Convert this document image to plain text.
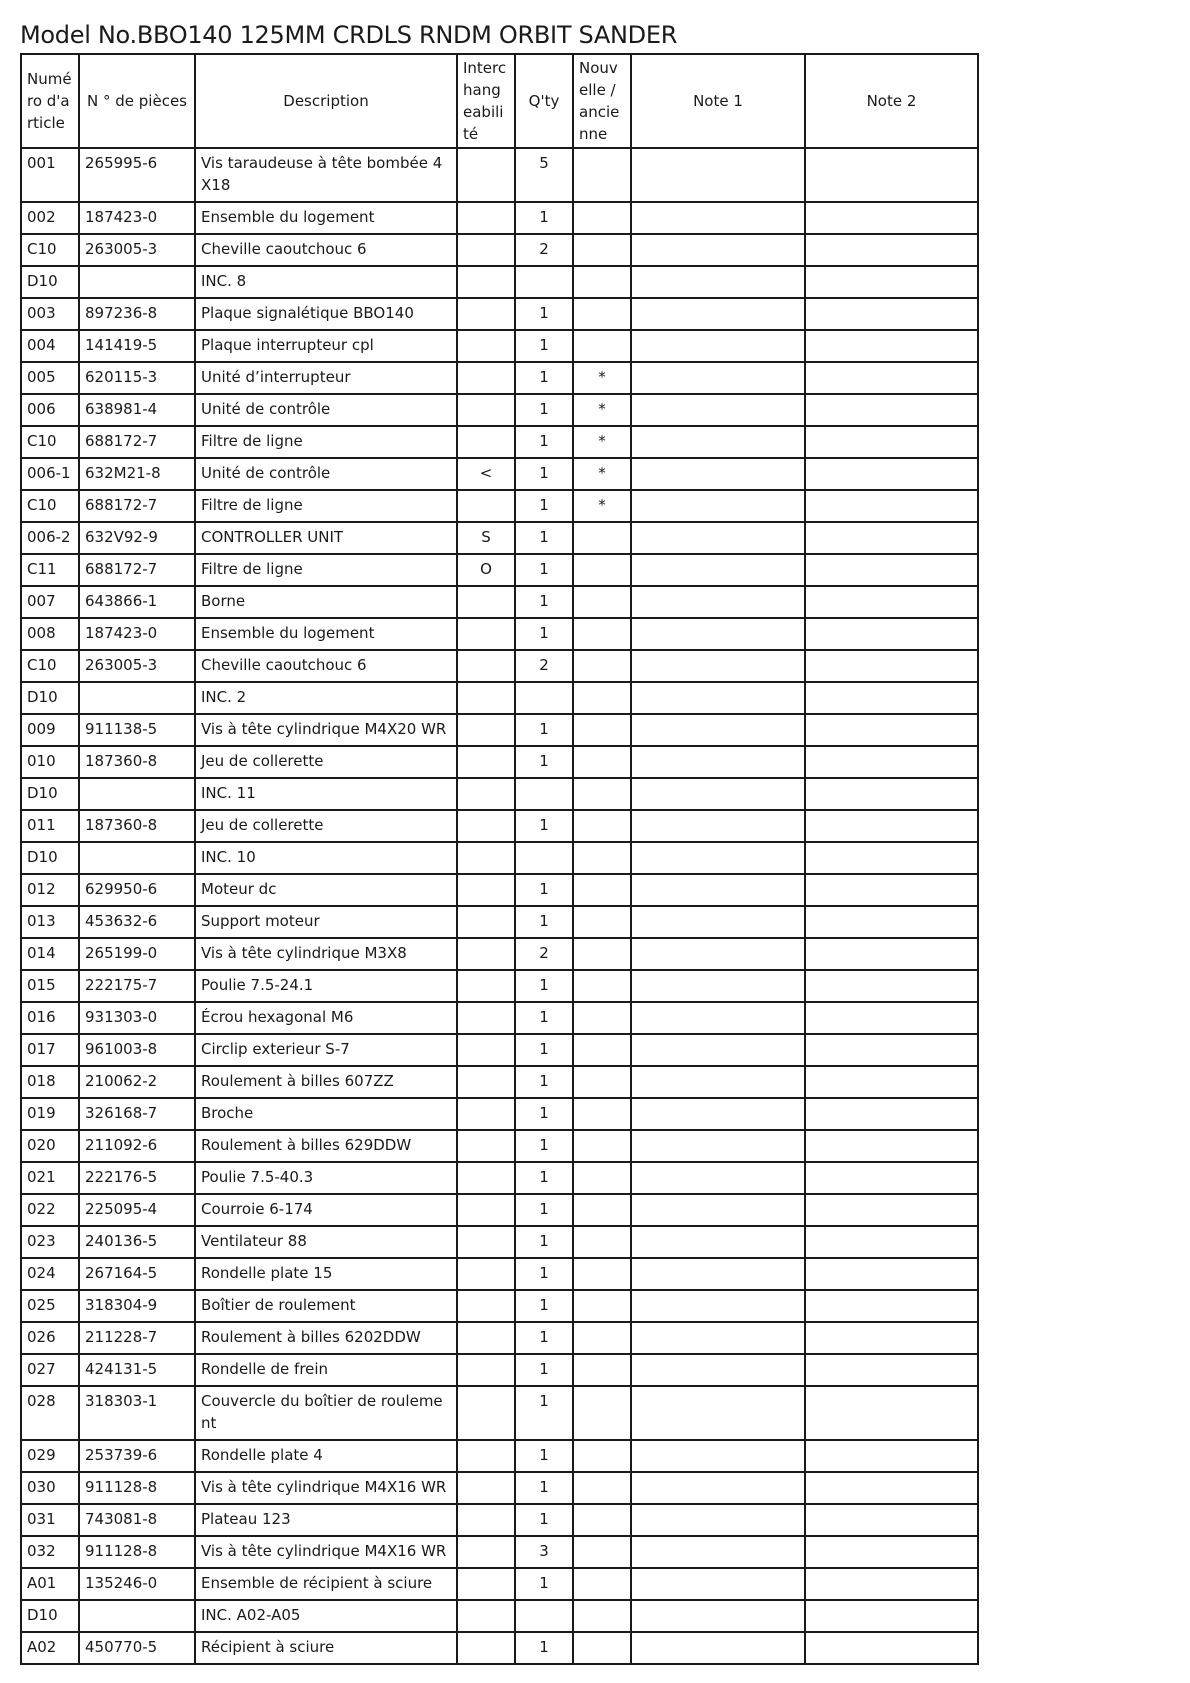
Model No.BBO140 125MM CRDLS RNDM ORBIT SANDER
Numéro d'article	N ° de pièces	Description	Interchangeabilité	Q'ty	Nouvelle / ancienne	Note 1	Note 2
001	265995-6	Vis taraudeuse à tête bombée 4X18		5			
002	187423-0	Ensemble du logement		1			
C10	263005-3	Cheville caoutchouc 6		2			
D10		INC. 8					
003	897236-8	Plaque signalétique BBO140		1			
004	141419-5	Plaque interrupteur cpl		1			
005	620115-3	Unité d’interrupteur		1	*		
006	638981-4	Unité de contrôle		1	*		
C10	688172-7	Filtre de ligne		1	*		
006-1	632M21-8	Unité de contrôle	<	1	*		
C10	688172-7	Filtre de ligne		1	*		
006-2	632V92-9	CONTROLLER UNIT	S	1			
C11	688172-7	Filtre de ligne	O	1			
007	643866-1	Borne		1			
008	187423-0	Ensemble du logement		1			
C10	263005-3	Cheville caoutchouc 6		2			
D10		INC. 2					
009	911138-5	Vis à tête cylindrique M4X20 WR		1			
010	187360-8	Jeu de collerette		1			
D10		INC. 11					
011	187360-8	Jeu de collerette		1			
D10		INC. 10					
012	629950-6	Moteur dc		1			
013	453632-6	Support moteur		1			
014	265199-0	Vis à tête cylindrique M3X8		2			
015	222175-7	Poulie 7.5-24.1		1			
016	931303-0	Écrou hexagonal M6		1			
017	961003-8	Circlip exterieur S-7		1			
018	210062-2	Roulement à billes 607ZZ		1			
019	326168-7	Broche		1			
020	211092-6	Roulement à billes 629DDW		1			
021	222176-5	Poulie 7.5-40.3		1			
022	225095-4	Courroie 6-174		1			
023	240136-5	Ventilateur 88		1			
024	267164-5	Rondelle plate 15		1			
025	318304-9	Boîtier de roulement		1			
026	211228-7	Roulement à billes 6202DDW		1			
027	424131-5	Rondelle de frein		1			
028	318303-1	Couvercle du boîtier de roulement		1			
029	253739-6	Rondelle plate 4		1			
030	911128-8	Vis à tête cylindrique M4X16 WR		1			
031	743081-8	Plateau 123		1			
032	911128-8	Vis à tête cylindrique M4X16 WR		3			
A01	135246-0	Ensemble de récipient à sciure		1			
D10		INC. A02-A05					
A02	450770-5	Récipient à sciure		1			
